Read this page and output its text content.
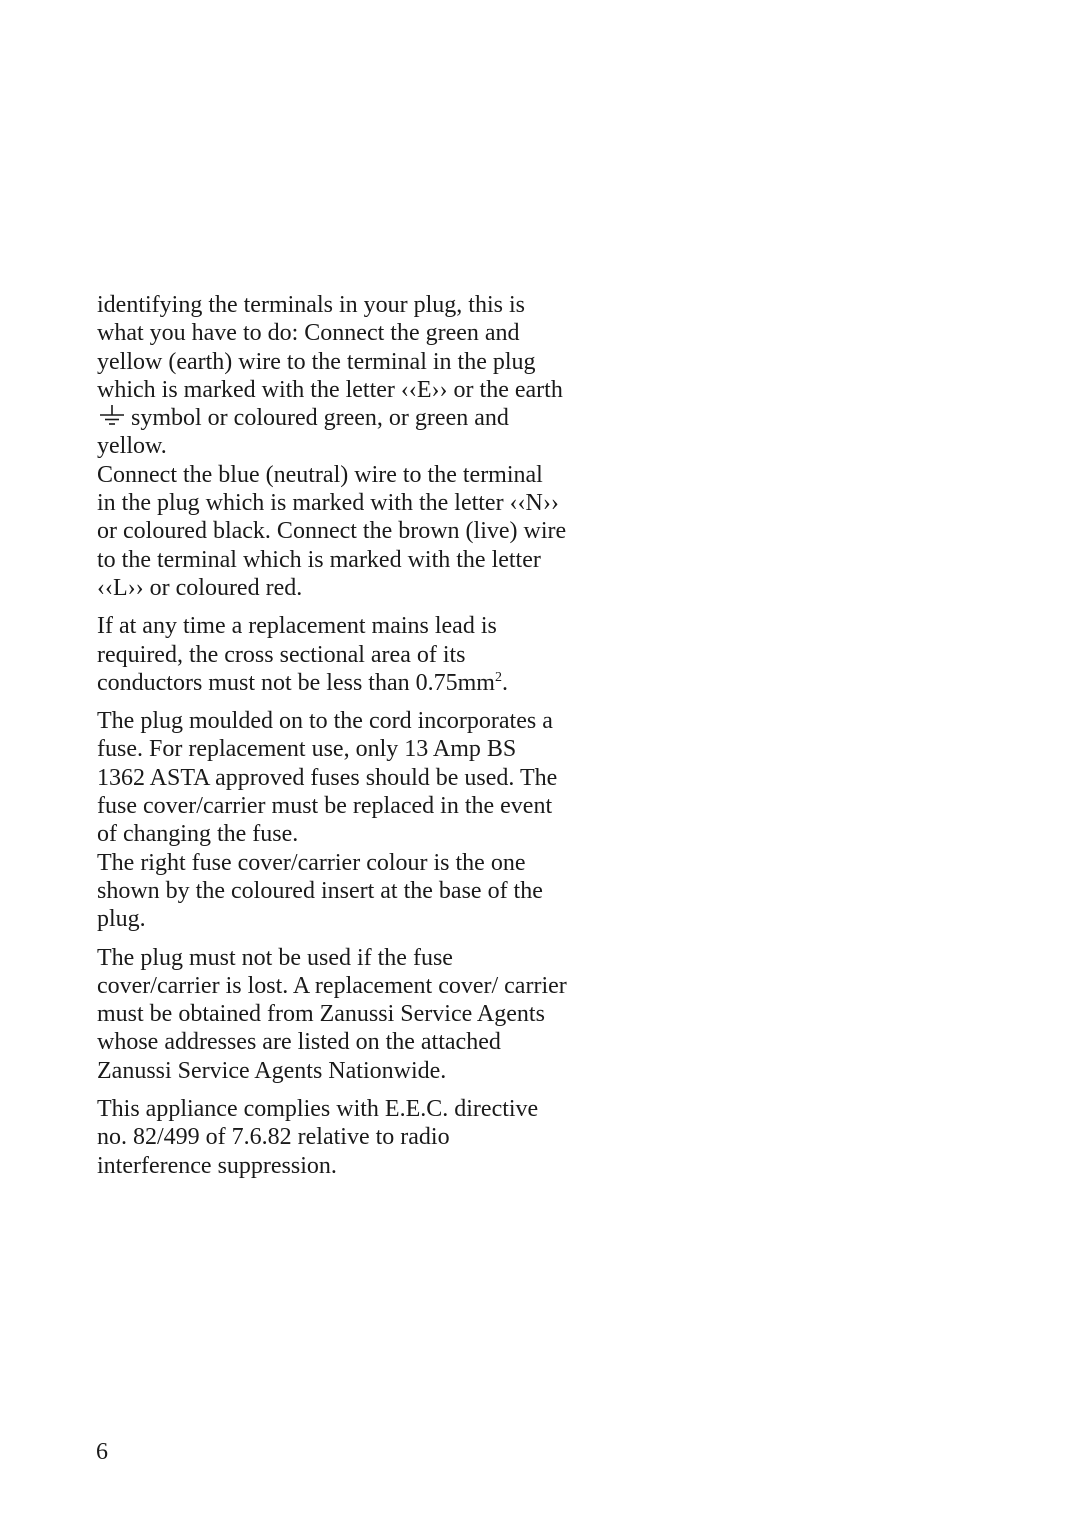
identifying the terminals in your plug, this is what you have to do: Connect the green and yellow (earth) wire to the terminal in the plug which is marked with the letter ‹‹E›› or the earthsymbol or coloured green, or green and yellow.

Connect the blue (neutral) wire to the terminal in the plug which is marked with the letter ‹‹N›› or coloured black. Connect the brown (live) wire to the terminal which is marked with the letter ‹‹L›› or coloured red.

If at any time a replacement mains lead is required, the cross sectional area of its conductors must not be less than $0.75mm^2$.

The plug moulded on to the cord incorporates a fuse. For replacement use, only 13 Amp BS 1362 ASTA approved fuses should be used. The fuse cover/carrier must be replaced in the event of changing the fuse.

The right fuse cover/carrier colour is the one shown by the coloured insert at the base of the plug.

The plug must not be used if the fuse cover/carrier is lost. A replacement cover/ carrier must be obtained from Zanussi Service Agents whose addresses are listed on the attached Zanussi Service Agents Nationwide.

This appliance complies with E.E.C. directive no. 82/499 of 7.6.82 relative to radio interference suppression.

6
